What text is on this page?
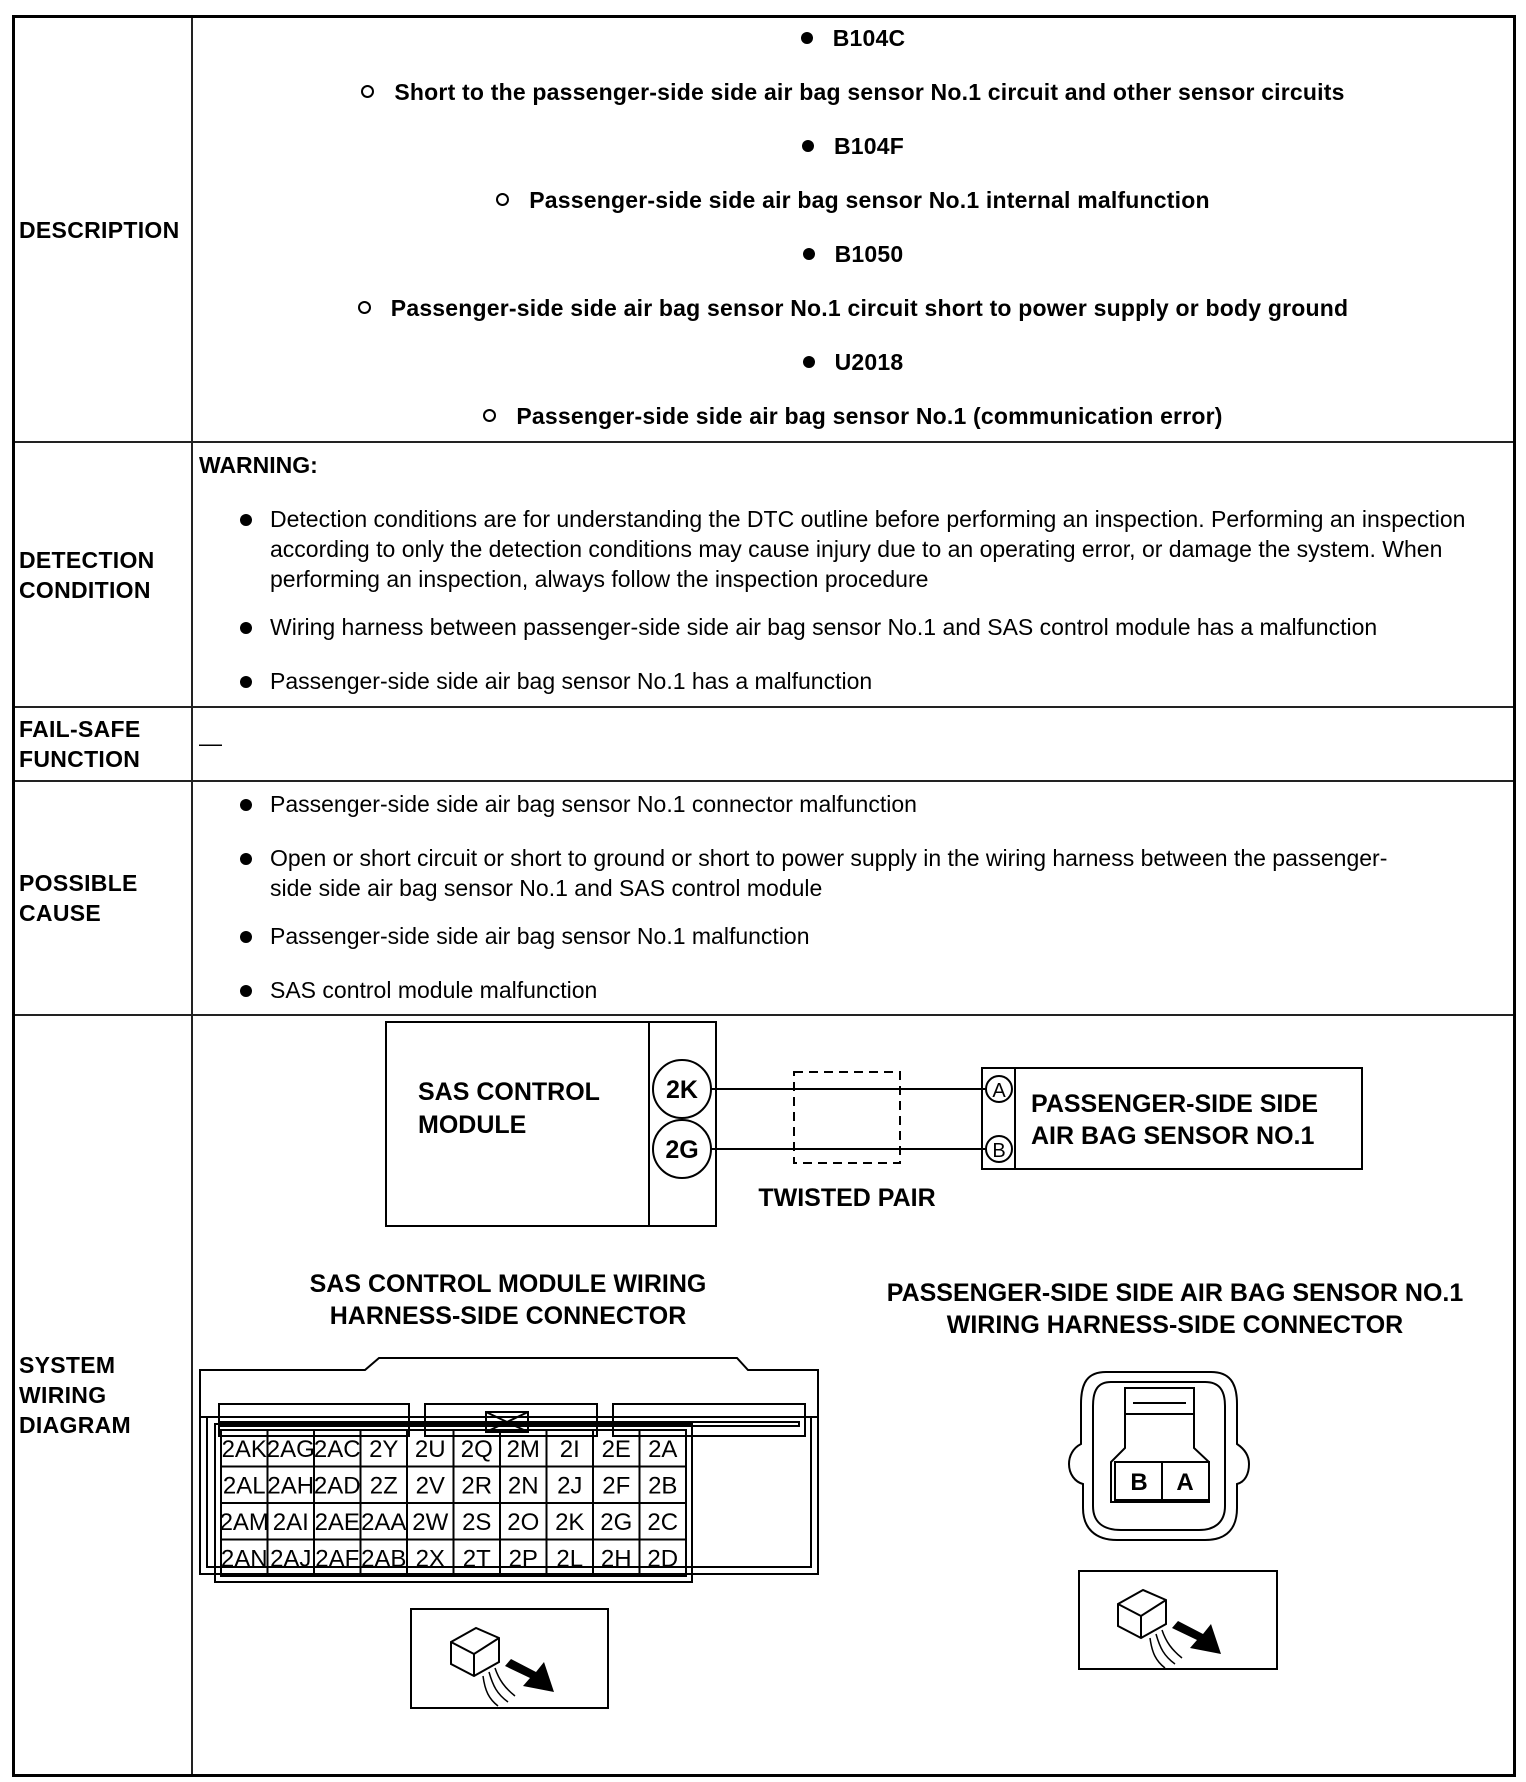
DESCRIPTION
B104C
Short to the passenger-side side air bag sensor No.1 circuit and other sensor circuits
B104F
Passenger-side side air bag sensor No.1 internal malfunction
B1050
Passenger-side side air bag sensor No.1 circuit short to power supply or body ground
U2018
Passenger-side side air bag sensor No.1 (communication error)
DETECTION
CONDITION
WARNING:
Detection conditions are for understanding the DTC outline before performing an inspection. Performing an inspection according to only the detection conditions may cause injury due to an operating error, or damage the system. When performing an inspection, always follow the inspection procedure
Wiring harness between passenger-side side air bag sensor No.1 and SAS control module has a malfunction
Passenger-side side air bag sensor No.1 has a malfunction
FAIL-SAFE
FUNCTION
—
POSSIBLE
CAUSE
Passenger-side side air bag sensor No.1 connector malfunction
Open or short circuit or short to ground or short to power supply in the wiring harness between the passenger-side side air bag sensor No.1 and SAS control module
Passenger-side side air bag sensor No.1 malfunction
SAS control module malfunction
SYSTEM
WIRING
DIAGRAM
SAS CONTROL
MODULE
2K
2G
TWISTED PAIR
A
B
PASSENGER-SIDE SIDE
AIR BAG SENSOR NO.1
SAS CONTROL MODULE WIRING
HARNESS-SIDE CONNECTOR
PASSENGER-SIDE SIDE AIR BAG SENSOR NO.1
WIRING HARNESS-SIDE CONNECTOR
2AK 2AG 2AC 2Y 2U 2Q 2M 2I 2E 2A
2AL 2AH 2AD 2Z 2V 2R 2N 2J 2F 2B
2AM 2AI 2AE 2AA 2W 2S 2O 2K 2G 2C
2AN 2AJ 2AF 2AB 2X 2T 2P 2L 2H 2D
B A
